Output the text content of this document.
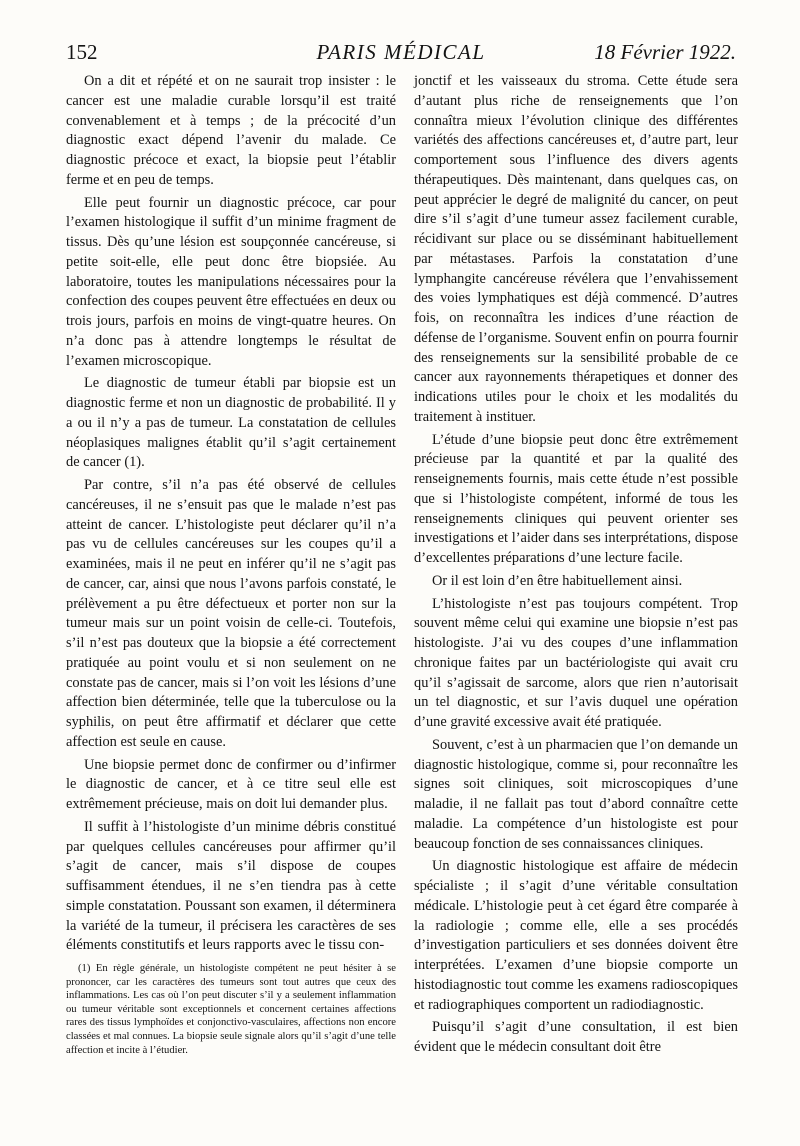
152	PARIS MÉDICAL	18 Février 1922.

On a dit et répété et on ne saurait trop insister : le cancer est une maladie curable lorsqu’il est traité convenablement et à temps ; de la précocité d’un diagnostic exact dépend l’avenir du malade. Ce diagnostic précoce et exact, la biopsie peut l’établir ferme et en peu de temps.

Elle peut fournir un diagnostic précoce, car pour l’examen histologique il suffit d’un minime fragment de tissus. Dès qu’une lésion est soupçonnée cancéreuse, si petite soit-elle, elle peut donc être biopsiée. Au laboratoire, toutes les manipulations nécessaires pour la confection des coupes peuvent être effectuées en deux ou trois jours, parfois en moins de vingt-quatre heures. On n’a donc pas à attendre longtemps le résultat de l’examen microscopique.

Le diagnostic de tumeur établi par biopsie est un diagnostic ferme et non un diagnostic de probabilité. Il y a ou il n’y a pas de tumeur. La constatation de cellules néoplasiques malignes établit qu’il s’agit certainement de cancer (1).

Par contre, s’il n’a pas été observé de cellules cancéreuses, il ne s’ensuit pas que le malade n’est pas atteint de cancer. L’histologiste peut déclarer qu’il n’a pas vu de cellules cancéreuses sur les coupes qu’il a examinées, mais il ne peut en inférer qu’il ne s’agit pas de cancer, car, ainsi que nous l’avons parfois constaté, le prélèvement a pu être défectueux et porter non sur la tumeur mais sur un point voisin de celle-ci. Toutefois, s’il n’est pas douteux que la biopsie a été correctement pratiquée au point voulu et si non seulement on ne constate pas de cancer, mais si l’on voit les lésions d’une affection bien déterminée, telle que la tuberculose ou la syphilis, on peut être affirmatif et déclarer que cette affection est seule en cause.

Une biopsie permet donc de confirmer ou d’infirmer le diagnostic de cancer, et à ce titre seul elle est extrêmement précieuse, mais on doit lui demander plus.

Il suffit à l’histologiste d’un minime débris constitué par quelques cellules cancéreuses pour affirmer qu’il s’agit de cancer, mais s’il dispose de coupes suffisamment étendues, il ne s’en tiendra pas à cette simple constatation. Poussant son examen, il déterminera la variété de la tumeur, il précisera les caractères de ses éléments constitutifs et leurs rapports avec le tissu con-

(1) En règle générale, un histologiste compétent ne peut hésiter à se prononcer, car les caractères des tumeurs sont tout autres que ceux des inflammations. Les cas où l’on peut discuter s’il y a seulement inflammation ou tumeur véritable sont exceptionnels et concernent certaines affections rares des tissus lymphoïdes et conjonctivo-vasculaires, affections non encore classées et mal connues. La biopsie seule signale alors qu’il s’agit d’une telle affection et incite à l’étudier.

jonctif et les vaisseaux du stroma. Cette étude sera d’autant plus riche de renseignements que l’on connaîtra mieux l’évolution clinique des différentes variétés des affections cancéreuses et, d’autre part, leur comportement sous l’influence des divers agents thérapeutiques. Dès maintenant, dans quelques cas, on peut apprécier le degré de malignité du cancer, on peut dire s’il s’agit d’une tumeur assez facilement curable, récidivant sur place ou se disséminant habituellement par métastases. Parfois la constatation d’une lymphangite cancéreuse révélera que l’envahissement des voies lymphatiques est déjà commencé. D’autres fois, on reconnaîtra les indices d’une réaction de défense de l’organisme. Souvent enfin on pourra fournir des renseignements sur la sensibilité probable de ce cancer aux rayonnements thérapetiques et donner des indications utiles pour le choix et les modalités du traitement à instituer.

L’étude d’une biopsie peut donc être extrêmement précieuse par la quantité et par la qualité des renseignements fournis, mais cette étude n’est possible que si l’histologiste compétent, informé de tous les renseignements cliniques qui peuvent orienter ses investigations et l’aider dans ses interprétations, dispose d’excellentes préparations d’une lecture facile.

Or il est loin d’en être habituellement ainsi.

L’histologiste n’est pas toujours compétent. Trop souvent même celui qui examine une biopsie n’est pas histologiste. J’ai vu des coupes d’une inflammation chronique faites par un bactériologiste qui avait cru qu’il s’agissait de sarcome, alors que rien n’autorisait un tel diagnostic, et sur l’avis duquel une opération d’une gravité excessive avait été pratiquée.

Souvent, c’est à un pharmacien que l’on demande un diagnostic histologique, comme si, pour reconnaître les signes soit cliniques, soit microscopiques d’une maladie, il ne fallait pas tout d’abord connaître cette maladie. La compétence d’un histologiste est pour beaucoup fonction de ses connaissances cliniques.

Un diagnostic histologique est affaire de médecin spécialiste ; il s’agit d’une véritable consultation médicale. L’histologie peut à cet égard être comparée à la radiologie ; comme elle, elle a ses procédés d’investigation particuliers et ses données doivent être interprétées. L’examen d’une biopsie comporte un histodiagnostic tout comme les examens radioscopiques et radiographiques comportent un radiodiagnostic.

Puisqu’il s’agit d’une consultation, il est bien évident que le médecin consultant doit être
